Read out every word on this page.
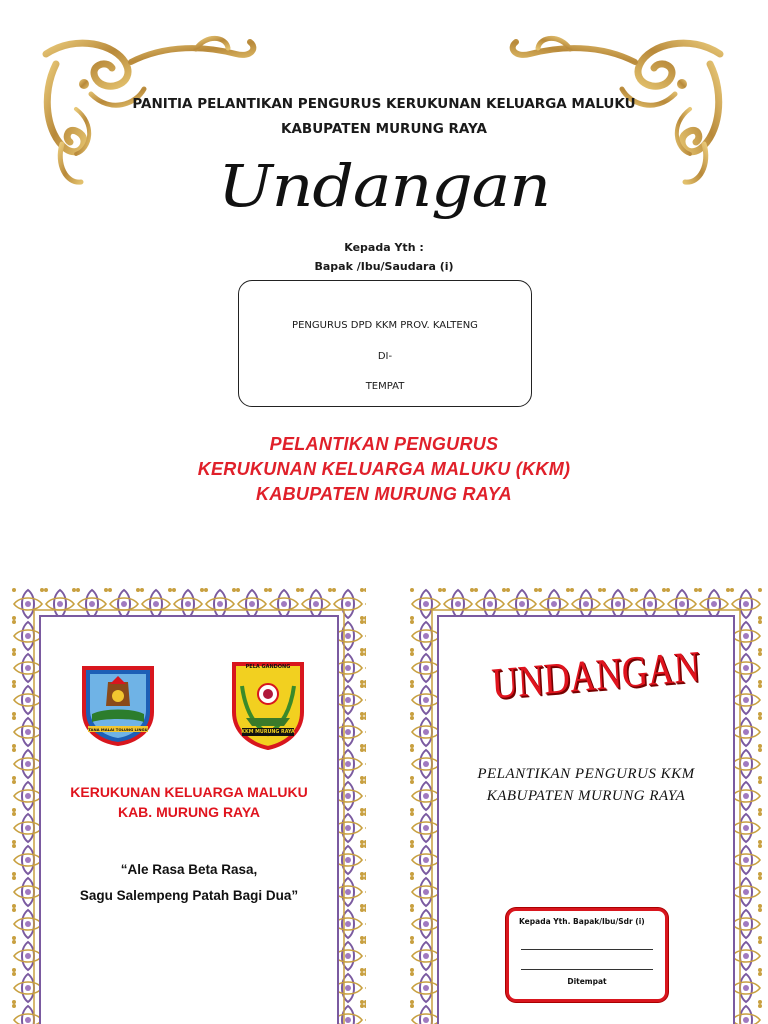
PANITIA PELANTIKAN PENGURUS KERUKUNAN KELUARGA MALUKU
KABUPATEN MURUNG RAYA
Undangan
Kepada Yth :
Bapak /Ibu/Saudara (i)
PENGURUS DPD KKM PROV. KALTENG
DI-
TEMPAT
PELANTIKAN PENGURUS
KERUKUNAN KELUARGA MALUKU (KKM)
KABUPATEN MURUNG RAYA
MURUNG RAYA
TANA MALAI TOLUNG LINGU
PELA GANDONG
KKM MURUNG RAYA
KERUKUNAN KELUARGA MALUKU
KAB. MURUNG RAYA
“Ale Rasa Beta Rasa,
Sagu Salempeng Patah Bagi Dua”
UNDANGAN
PELANTIKAN PENGURUS KKM
KABUPATEN MURUNG RAYA
Kepada Yth. Bapak/Ibu/Sdr (i)
Ditempat
